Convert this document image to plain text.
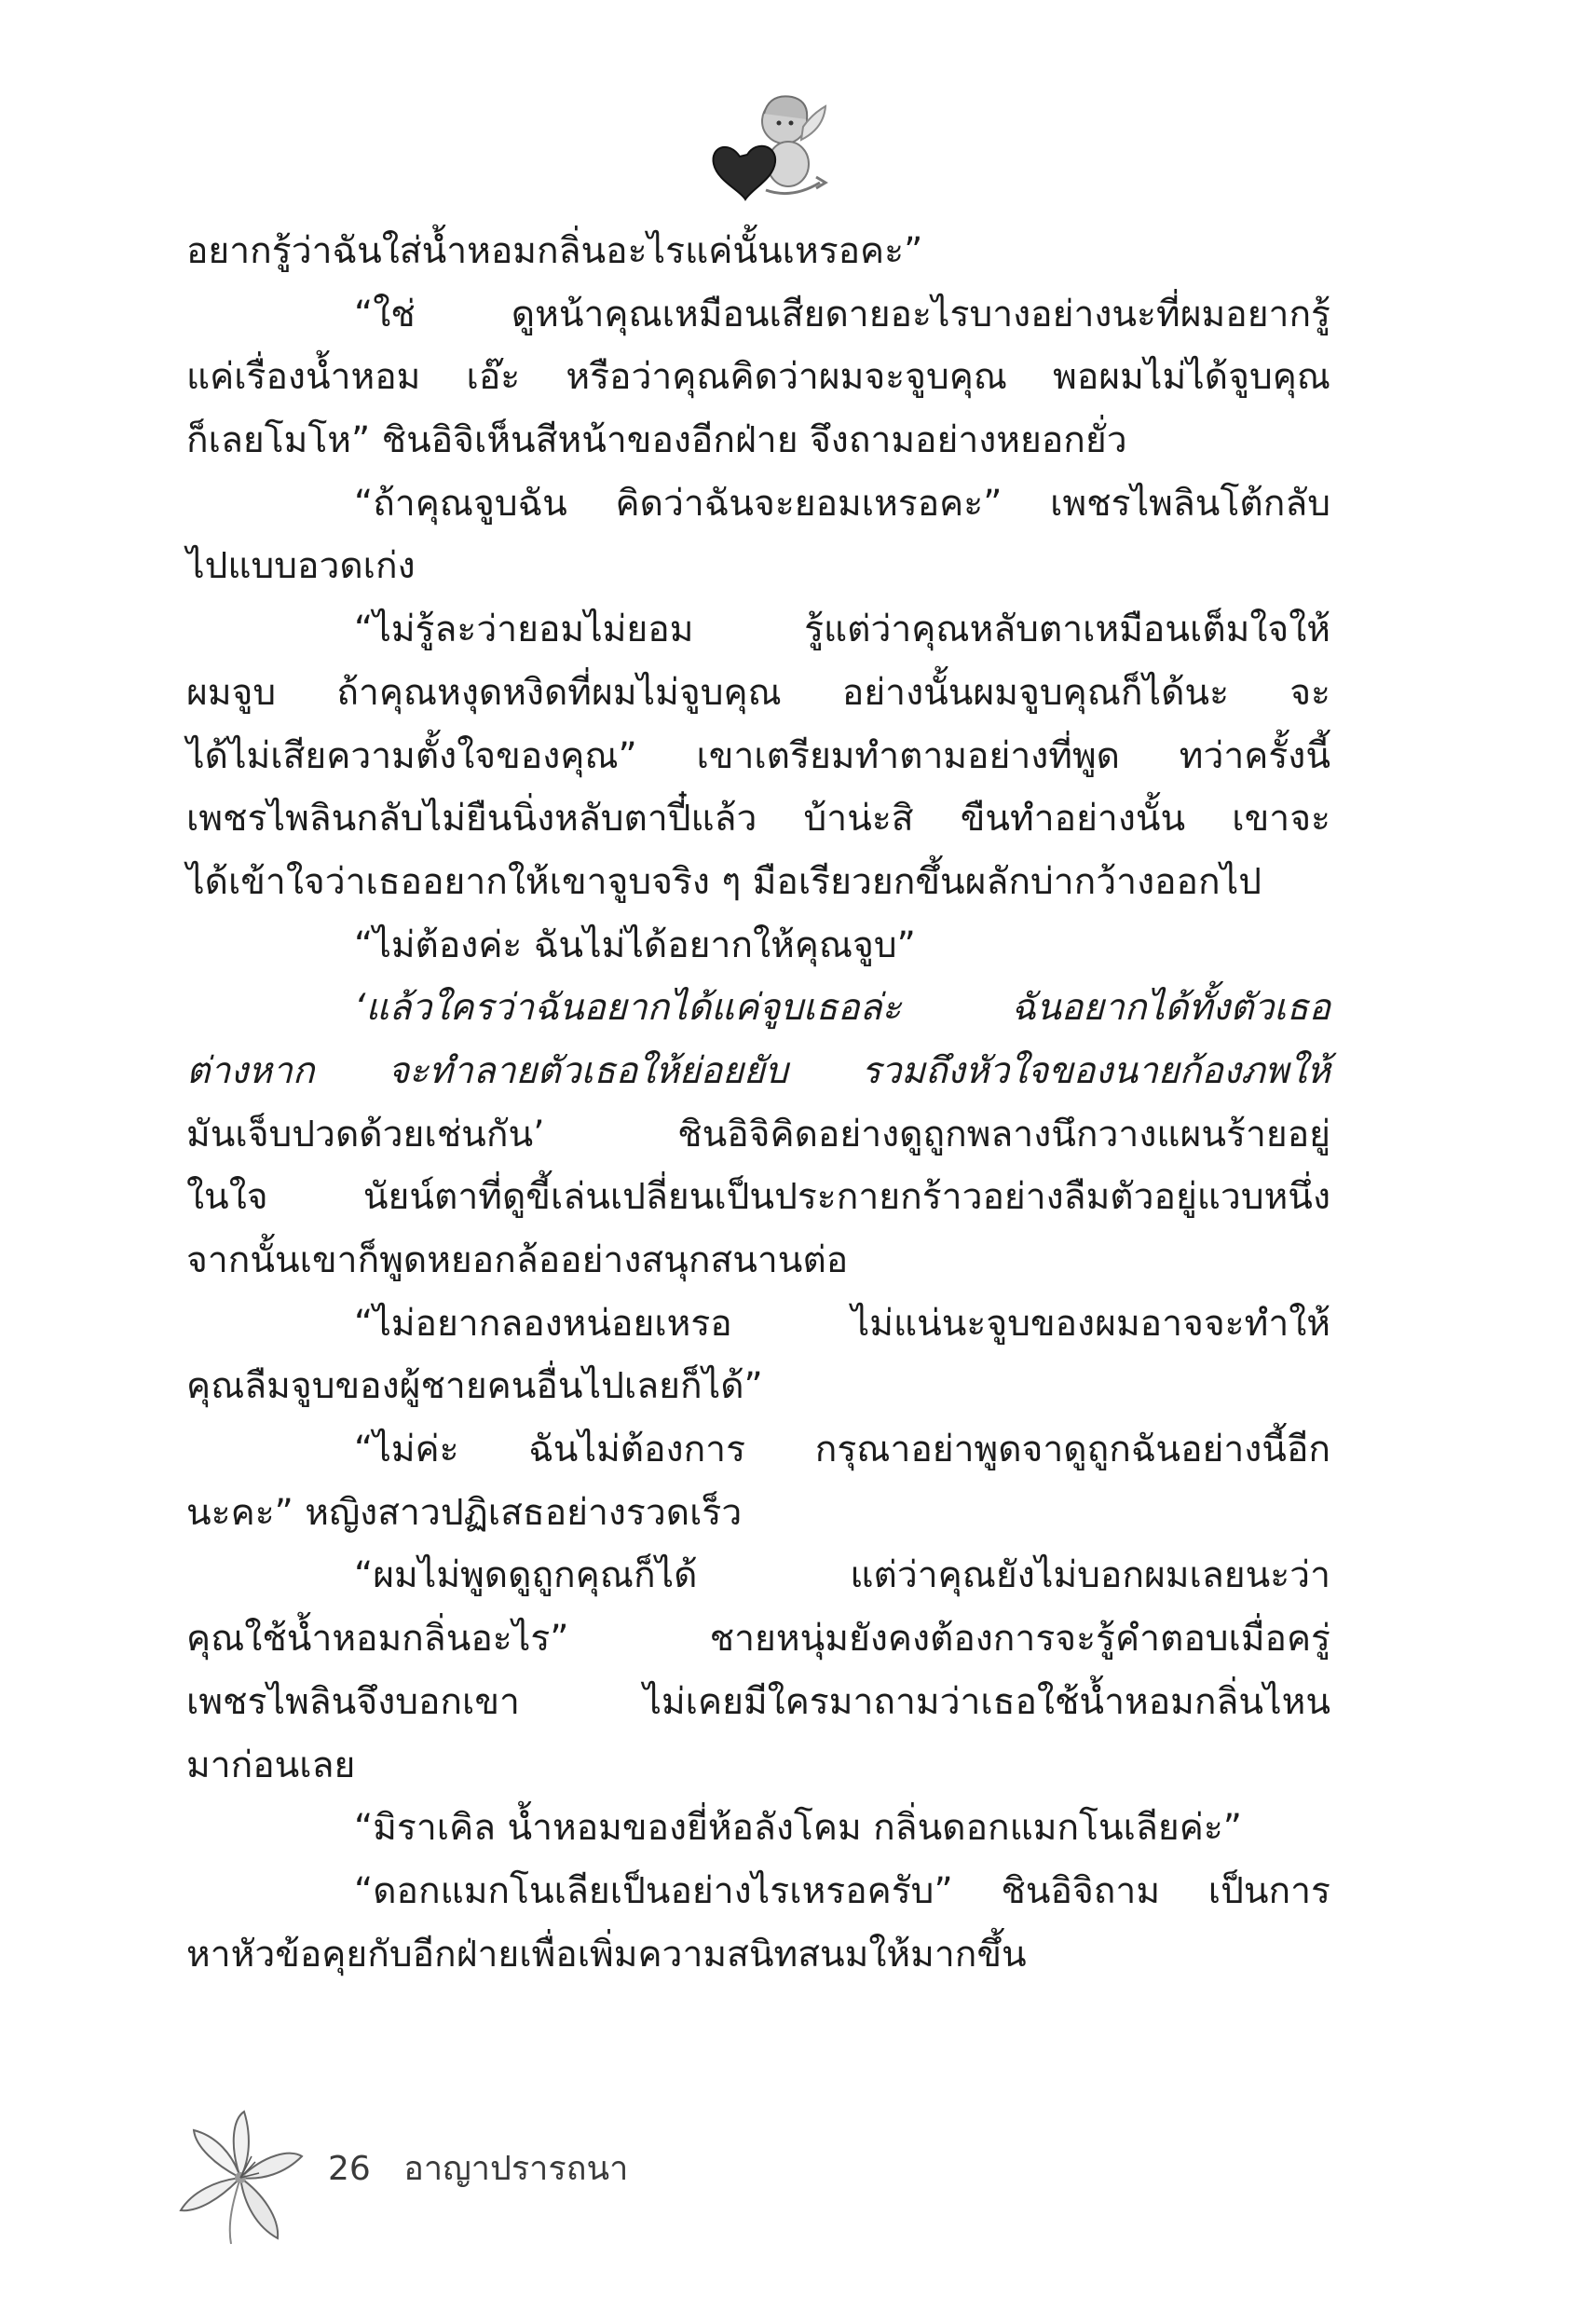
อยากรู้ว่าฉันใส่น้ำหอมกลิ่นอะไรแค่นั้นเหรอคะ”
“ใช่ ดูหน้าคุณเหมือนเสียดายอะไรบางอย่างนะที่ผมอยากรู้
แค่เรื่องน้ำหอม เอ๊ะ หรือว่าคุณคิดว่าผมจะจูบคุณ พอผมไม่ได้จูบคุณ
ก็เลยโมโห” ชินอิจิเห็นสีหน้าของอีกฝ่าย จึงถามอย่างหยอกยั่ว
“ถ้าคุณจูบฉัน คิดว่าฉันจะยอมเหรอคะ” เพชรไพลินโต้กลับ
ไปแบบอวดเก่ง
“ไม่รู้ละว่ายอมไม่ยอม รู้แต่ว่าคุณหลับตาเหมือนเต็มใจให้
ผมจูบ ถ้าคุณหงุดหงิดที่ผมไม่จูบคุณ อย่างนั้นผมจูบคุณก็ได้นะ จะ
ได้ไม่เสียความตั้งใจของคุณ” เขาเตรียมทำตามอย่างที่พูด ทว่าครั้งนี้
เพชรไพลินกลับไม่ยืนนิ่งหลับตาปี๋แล้ว บ้าน่ะสิ ขืนทำอย่างนั้น เขาจะ
ได้เข้าใจว่าเธออยากให้เขาจูบจริง ๆ มือเรียวยกขึ้นผลักบ่ากว้างออกไป
“ไม่ต้องค่ะ ฉันไม่ได้อยากให้คุณจูบ”
‘แล้วใครว่าฉันอยากได้แค่จูบเธอล่ะ ฉันอยากได้ทั้งตัวเธอ
ต่างหาก จะทำลายตัวเธอให้ย่อยยับ รวมถึงหัวใจของนายก้องภพให้
มันเจ็บปวดด้วยเช่นกัน’ ชินอิจิคิดอย่างดูถูกพลางนึกวางแผนร้ายอยู่
ในใจ นัยน์ตาที่ดูขี้เล่นเปลี่ยนเป็นประกายกร้าวอย่างลืมตัวอยู่แวบหนึ่ง
จากนั้นเขาก็พูดหยอกล้ออย่างสนุกสนานต่อ
“ไม่อยากลองหน่อยเหรอ ไม่แน่นะจูบของผมอาจจะทำให้
คุณลืมจูบของผู้ชายคนอื่นไปเลยก็ได้”
“ไม่ค่ะ ฉันไม่ต้องการ กรุณาอย่าพูดจาดูถูกฉันอย่างนี้อีก
นะคะ” หญิงสาวปฏิเสธอย่างรวดเร็ว
“ผมไม่พูดดูถูกคุณก็ได้ แต่ว่าคุณยังไม่บอกผมเลยนะว่า
คุณใช้น้ำหอมกลิ่นอะไร” ชายหนุ่มยังคงต้องการจะรู้คำตอบเมื่อครู่
เพชรไพลินจึงบอกเขา ไม่เคยมีใครมาถามว่าเธอใช้น้ำหอมกลิ่นไหน
มาก่อนเลย
“มิราเคิล น้ำหอมของยี่ห้อลังโคม กลิ่นดอกแมกโนเลียค่ะ”
“ดอกแมกโนเลียเป็นอย่างไรเหรอครับ” ชินอิจิถาม เป็นการ
หาหัวข้อคุยกับอีกฝ่ายเพื่อเพิ่มความสนิทสนมให้มากขึ้น
26 อาญาปรารถนา
